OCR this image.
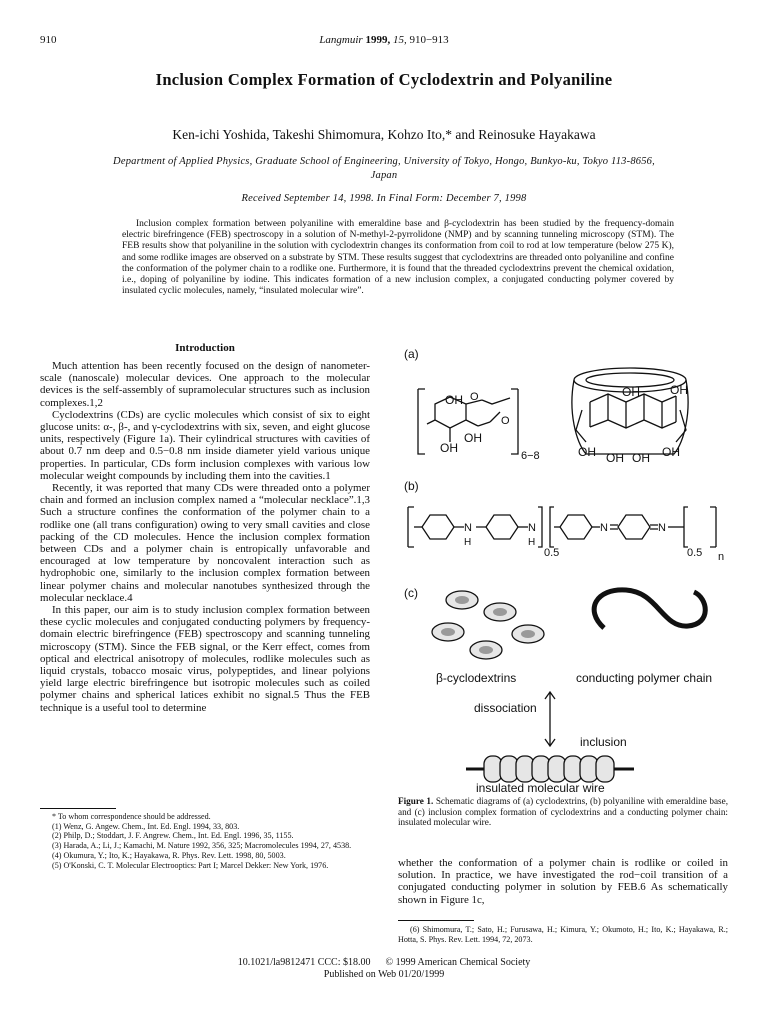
910	Langmuir 1999, 15, 910−913
Inclusion Complex Formation of Cyclodextrin and Polyaniline
Ken-ichi Yoshida, Takeshi Shimomura, Kohzo Ito,* and Reinosuke Hayakawa
Department of Applied Physics, Graduate School of Engineering, University of Tokyo, Hongo, Bunkyo-ku, Tokyo 113-8656, Japan
Received September 14, 1998. In Final Form: December 7, 1998
Inclusion complex formation between polyaniline with emeraldine base and β-cyclodextrin has been studied by the frequency-domain electric birefringence (FEB) spectroscopy in a solution of N-methyl-2-pyrrolidone (NMP) and by scanning tunneling microscopy (STM). The FEB results show that polyaniline in the solution with cyclodextrin changes its conformation from coil to rod at low temperature (below 275 K), and some rodlike images are observed on a substrate by STM. These results suggest that cyclodextrins are threaded onto polyaniline and confine the conformation of the polymer chain to a rodlike one. Furthermore, it is found that the threaded cyclodextrins prevent the chemical oxidation, i.e., doping of polyaniline by iodine. This indicates formation of a new inclusion complex, a conjugated conducting polymer covered by insulated cyclic molecules, namely, “insulated molecular wire”.
Introduction

Much attention has been recently focused on the design of nanometer-scale (nanoscale) molecular devices. One approach to the molecular devices is the self-assembly of supramolecular structures such as inclusion complexes.1,2

Cyclodextrins (CDs) are cyclic molecules which consist of six to eight glucose units: α-, β-, and γ-cyclodextrins with six, seven, and eight glucose units, respectively (Figure 1a). Their cylindrical structures with cavities of about 0.7 nm deep and 0.5−0.8 nm inside diameter yield various unique properties. In particular, CDs form inclusion complexes with various low molecular weight compounds by including them into the cavities.1

Recently, it was reported that many CDs were threaded onto a polymer chain and formed an inclusion complex named a “molecular necklace”.1,3 Such a structure confines the conformation of the polymer chain to a rodlike one (all trans configuration) owing to very small cavities and close packing of the CD molecules. Hence the inclusion complex formation between CDs and a polymer chain is entropically unfavorable and encouraged at low temperature by noncovalent interaction such as hydrophobic one, similarly to the inclusion complex formation between linear polymer chains and molecular nanotubes synthesized through the molecular necklace.4

In this paper, our aim is to study inclusion complex formation between these cyclic molecules and conjugated conducting polymers by frequency-domain electric birefringence (FEB) spectroscopy and scanning tunneling microscopy (STM). Since the FEB signal, or the Kerr effect, comes from optical and electrical anisotropy of molecules, rodlike molecules such as liquid crystals, tobacco mosaic virus, polypeptides, and linear polyions yield large electric birefringence but isotropic molecules such as coiled polymer chains and spherical latices exhibit no signal.5 Thus the FEB technique is a useful tool to determine

* To whom correspondence should be addressed.

(1) Wenz, G. Angew. Chem., Int. Ed. Engl. 1994, 33, 803.

(2) Philp, D.; Stoddart, J. F. Angrew. Chem., Int. Ed. Engl. 1996, 35, 1155.

(3) Harada, A.; Li, J.; Kamachi, M. Nature 1992, 356, 325; Macromolecules 1994, 27, 4538.

(4) Okumura, Y.; Ito, K.; Hayakawa, R. Phys. Rev. Lett. 1998, 80, 5003.

(5) O'Konski, C. T. Molecular Electrooptics: Part I; Marcel Dekker: New York, 1976.

(a)
OH O
OH
OH
O
6−8
OH	OH
OH OH OH OH
(b)
N
H
N
H
0.5
N	N
0.5 n
(c)
β-cyclodextrins	conducting polymer chain
dissociation
inclusion
insulated molecular wire
Figure 1. Schematic diagrams of (a) cyclodextrins, (b) polyaniline with emeraldine base, and (c) inclusion complex formation of cyclodextrins and a conducting polymer chain: insulated molecular wire.

whether the conformation of a polymer chain is rodlike or coiled in solution. In practice, we have investigated the rod−coil transition of a conjugated conducting polymer in solution by FEB.6 As schematically shown in Figure 1c,

(6) Shimomura, T.; Sato, H.; Furusawa, H.; Kimura, Y.; Okumoto, H.; Ito, K.; Hayakawa, R.; Hotta, S. Phys. Rev. Lett. 1994, 72, 2073.

10.1021/la9812471 CCC: $18.00 © 1999 American Chemical Society
Published on Web 01/20/1999
